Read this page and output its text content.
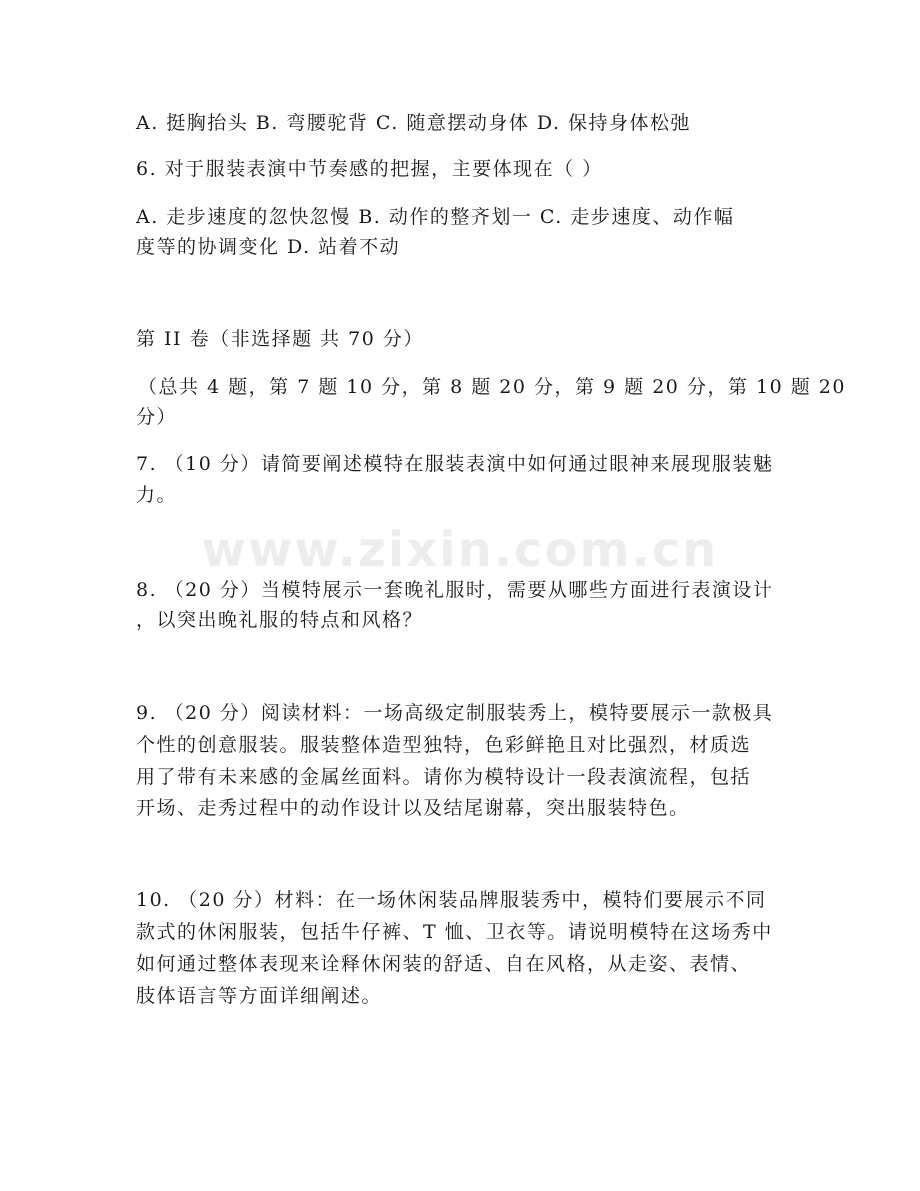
A. 挺胸抬头 B. 弯腰驼背 C. 随意摆动身体 D. 保持身体松弛
6. 对于服装表演中节奏感的把握，主要体现在（ ）
A. 走步速度的忽快忽慢 B. 动作的整齐划一 C. 走步速度、动作幅
度等的协调变化 D. 站着不动
第 II 卷（非选择题 共 70 分）
（总共 4 题，第 7 题 10 分，第 8 题 20 分，第 9 题 20 分，第 10 题 20
分）
7. （10 分）请简要阐述模特在服装表演中如何通过眼神来展现服装魅
力。
www.zixin.com.cn
8. （20 分）当模特展示一套晚礼服时，需要从哪些方面进行表演设计
，以突出晚礼服的特点和风格？
9. （20 分）阅读材料：一场高级定制服装秀上，模特要展示一款极具
个性的创意服装。服装整体造型独特，色彩鲜艳且对比强烈，材质选
用了带有未来感的金属丝面料。请你为模特设计一段表演流程，包括
开场、走秀过程中的动作设计以及结尾谢幕，突出服装特色。
10. （20 分）材料：在一场休闲装品牌服装秀中，模特们要展示不同
款式的休闲服装，包括牛仔裤、T 恤、卫衣等。请说明模特在这场秀中
如何通过整体表现来诠释休闲装的舒适、自在风格，从走姿、表情、
肢体语言等方面详细阐述。
